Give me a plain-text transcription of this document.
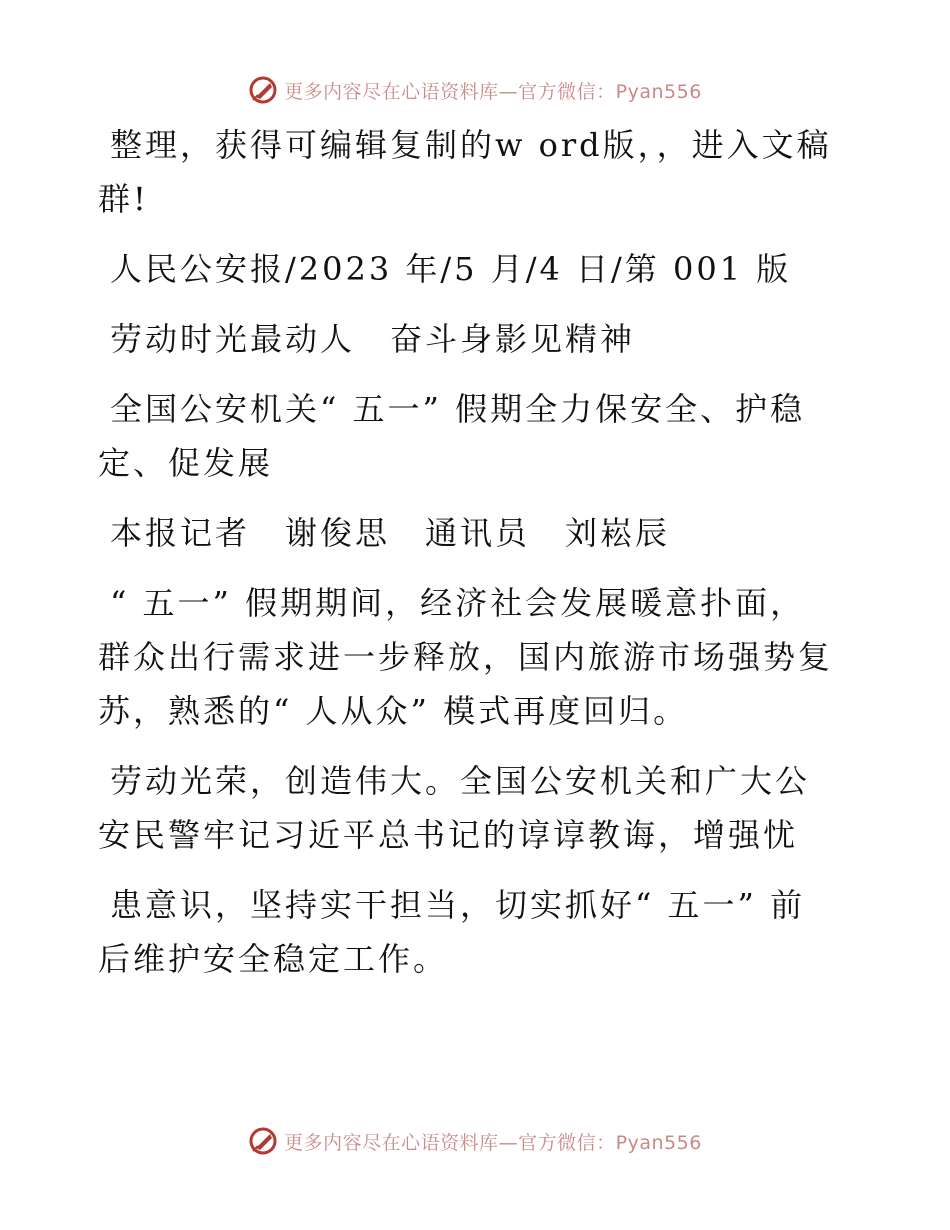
更多内容尽在心语资料库—官方微信：Pyan556

整理，获得可编辑复制的w ord版，，进入文稿群!

人民公安报/2023 年/5 月/4 日/第 001 版

劳动时光最动人　奋斗身影见精神

全国公安机关“ 五一” 假期全力保安全、护稳定、促发展

本报记者　谢俊思　通讯员　刘崧辰

“ 五一” 假期期间，经济社会发展暖意扑面，群众出行需求进一步释放，国内旅游市场强势复苏，熟悉的“ 人从众” 模式再度回归。

劳动光荣，创造伟大。全国公安机关和广大公安民警牢记习近平总书记的谆谆教诲，增强忧

患意识，坚持实干担当，切实抓好“ 五一” 前后维护安全稳定工作。

更多内容尽在心语资料库—官方微信：Pyan556
